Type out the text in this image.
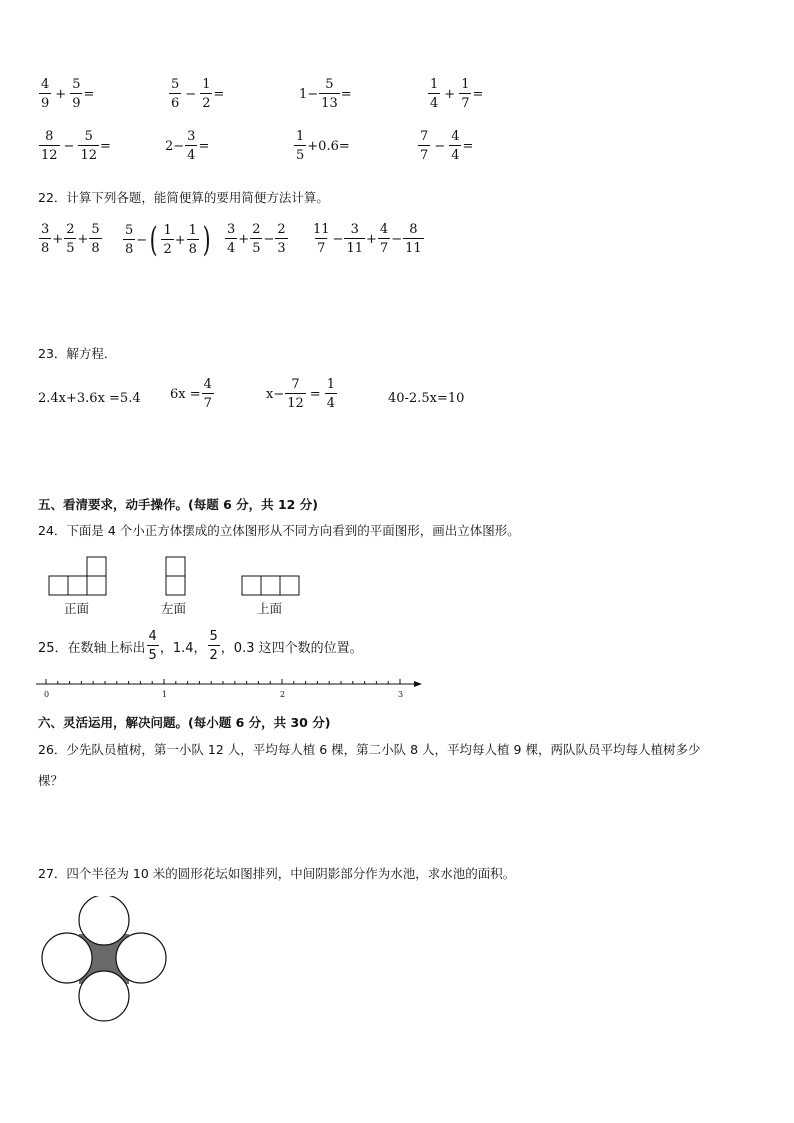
$\frac{4}{9} + \frac{5}{9}$ =	$\frac{5}{6} - \frac{1}{2}$ =	$1- \frac{5}{13}$ =	$\frac{1}{4} + \frac{1}{7}$ =
$\frac{8}{12} - \frac{5}{12}$ =	$2- \frac{3}{4}$ =	$\frac{1}{5} +0.6=$	$\frac{7}{7} - \frac{4}{4}$ =
22．计算下列各题，能简便算的要用简便方法计算。
$\frac{3}{8} + \frac{2}{5} + \frac{5}{8} \frac{5}{8}$ − ( $\frac{1}{2} + \frac{1}{8}$ ) $\frac{3}{4} + \frac{2}{5} - \frac{2}{3} \frac{11}{7} - \frac{3}{11} + \frac{4}{7} - \frac{8}{11}$
23．解方程．
2.4x+3.6x =5.4 $6x = \frac{4}{7}$	$x- \frac{7}{12} = \frac{1}{4}$	40-2.5x=10
五、看清要求，动手操作。(每题 6 分，共 12 分)
24．下面是 4 个小正方体摆成的立体图形从不同方向看到的平面图形，画出立体图形。
正面	左面	上面
25．在数轴上标出 $\frac{4}{5}$ ，1.4， $\frac{5}{2}$ ，0.3 这四个数的位置。
0	1	2	3
六、灵活运用，解决问题。(每小题 6 分，共 30 分)
26．少先队员植树，第一小队 12 人，平均每人植 6 棵，第二小队 8 人，平均每人植 9 棵，两队队员平均每人植树多少
棵？
27．四个半径为 10 米的圆形花坛如图排列，中间阴影部分作为水池，求水池的面积。
